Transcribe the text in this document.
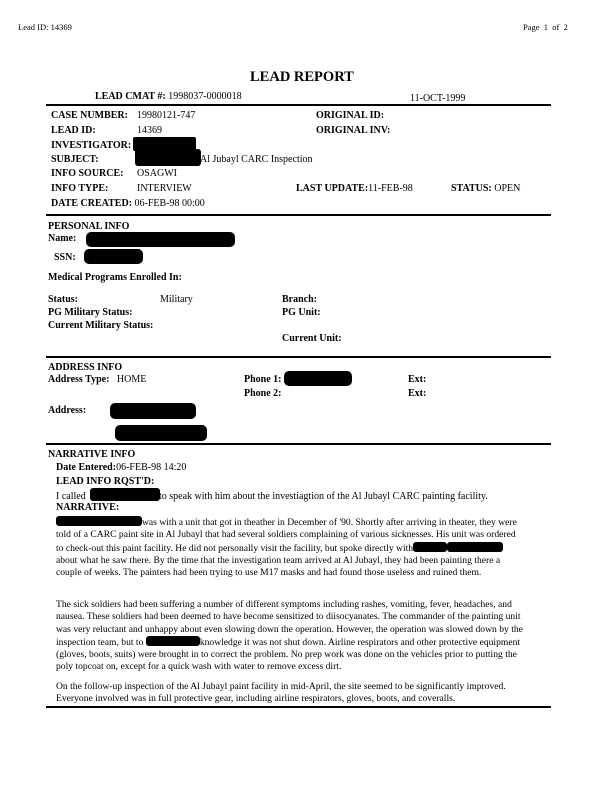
Lead ID: 14369	Page 1 of 2
LEAD REPORT
LEAD CMAT #: 1998037-0000018	11-OCT-1999
CASE NUMBER: 19980121-747	ORIGINAL ID:
LEAD ID:	14369	ORIGINAL INV:
INVESTIGATOR:
SUBJECT:	Al Jubayl CARC Inspection
INFO SOURCE: OSAGWI
INFO TYPE:	INTERVIEW	LAST UPDATE:11-FEB-98	STATUS: OPEN
DATE CREATED: 06-FEB-98 00:00
PERSONAL INFO
Name:
SSN:
Medical Programs Enrolled In:
Status:	Military	Branch:
PG Military Status:	PG Unit:
Current Military Status:
Current Unit:
ADDRESS INFO
Address Type: HOME	Phone 1:	Ext:
Phone 2:	Ext:
Address:
NARRATIVE INFO
Date Entered:06-FEB-98 14:20
LEAD INFO RQST'D:
I called	to speak with him about the investiagtion of the Al Jubayl CARC painting facility.
NARRATIVE:
was with a unit that got in theather in December of '90. Shortly after arriving in theater, they were told of a CARC paint site in Al Jubayl that had several soldiers complaining of various sicknesses. His unit was ordered to check-out this paint facility. He did not personally visit the facility, but spoke directly withabout what he saw there. By the time that the investigation team arrived at Al Jubayl, they had been painting there a couple of weeks. The painters had been trying to use M17 masks and had found those useless and ruined them.
The sick soldiers had been suffering a number of different symptoms including rashes, vomiting, fever, headaches, and nausea. These soldiers had been deemed to have become sensitized to diisocyanates. The commander of the painting unit was very reluctant and unhappy about even slowing down the operation. However, the operation was slowed down by the inspection team, but to	knowledge it was not shut down. Airline respirators and other protective equipment (gloves, boots, suits) were brought in to correct the problem. No prep work was done on the vehicles prior to putting the poly topcoat on, except for a quick wash with water to remove excess dirt.
On the follow-up inspection of the Al Jubayl paint facility in mid-April, the site seemed to be significantly improved. Everyone involved was in full protective gear, including airline respirators, gloves, boots, and coveralls.
